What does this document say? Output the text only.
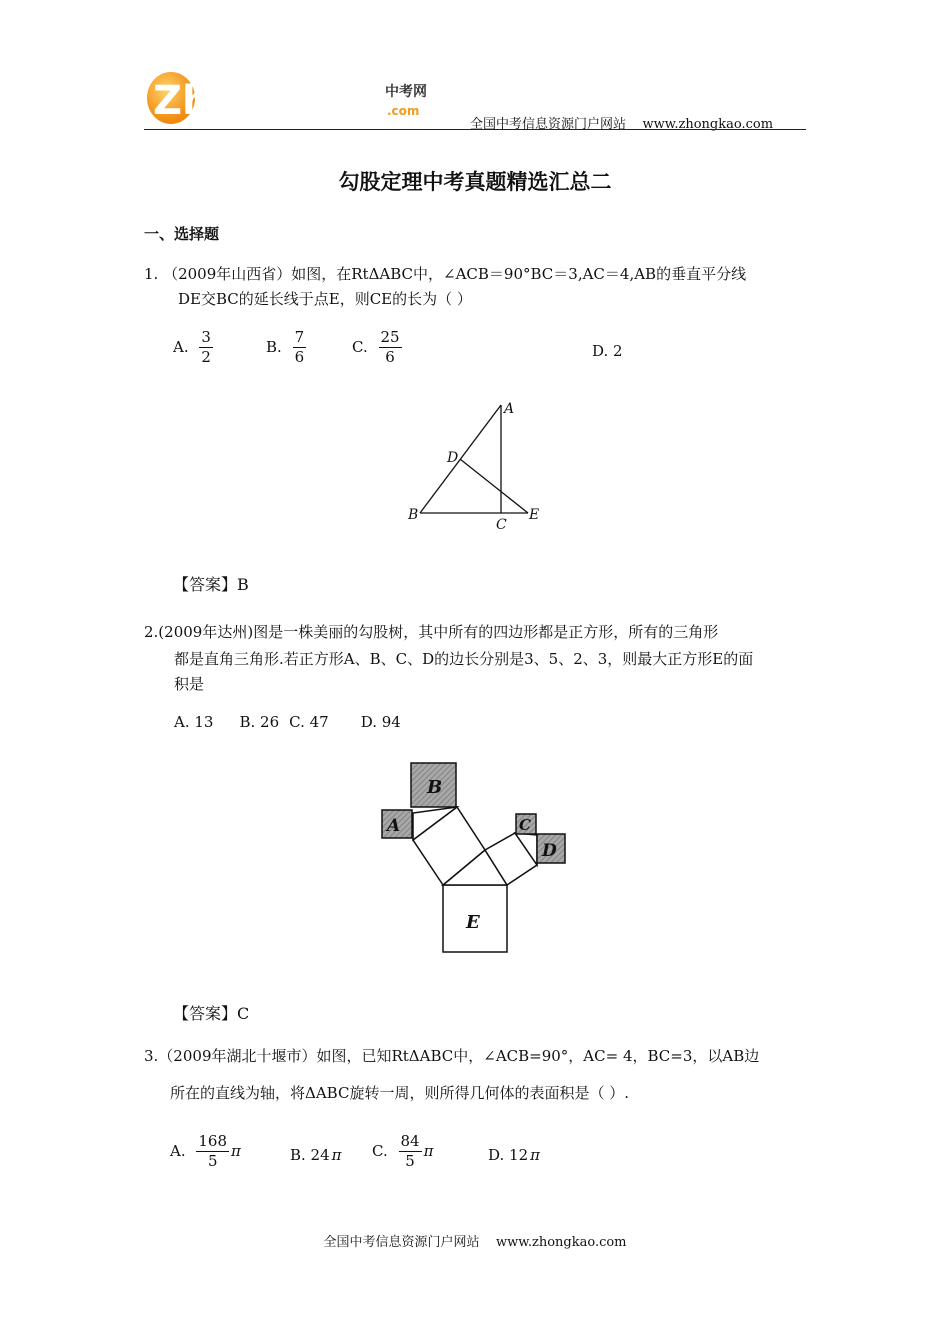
Zhongkao 中考网
.com
全国中考信息资源门户网站    www.zhongkao.com
勾股定理中考真题精选汇总二
一、选择题
1. （2009年山西省）如图，在RtΔABC中，∠ACB＝90°BC＝3,AC＝4,AB的垂直平分线
DE交BC的延长线于点E，则CE的长为（ ）
A. $\frac{3}{2}$	B. $\frac{7}{6}$	C. $\frac{25}{6}$	D. 2
A
B
C
D
E
【答案】B
2.(2009年达州)图是一株美丽的勾股树，其中所有的四边形都是正方形，所有的三角形
都是直角三角形.若正方形A、B、C、D的边长分别是3、5、2、3，则最大正方形E的面
积是
A. 13 B. 26 C. 47 D. 94
A
B
C
D
E
【答案】C
3.（2009年湖北十堰市）如图，已知RtΔABC中，∠ACB=90°，AC= 4，BC=3，以AB边
所在的直线为轴，将ΔABC旋转一周，则所得几何体的表面积是（ ）.
A. $\frac{168}{5}$ π	B. 24 π C. $\frac{84}{5}$ π	D. 12 π
全国中考信息资源门户网站    www.zhongkao.com
